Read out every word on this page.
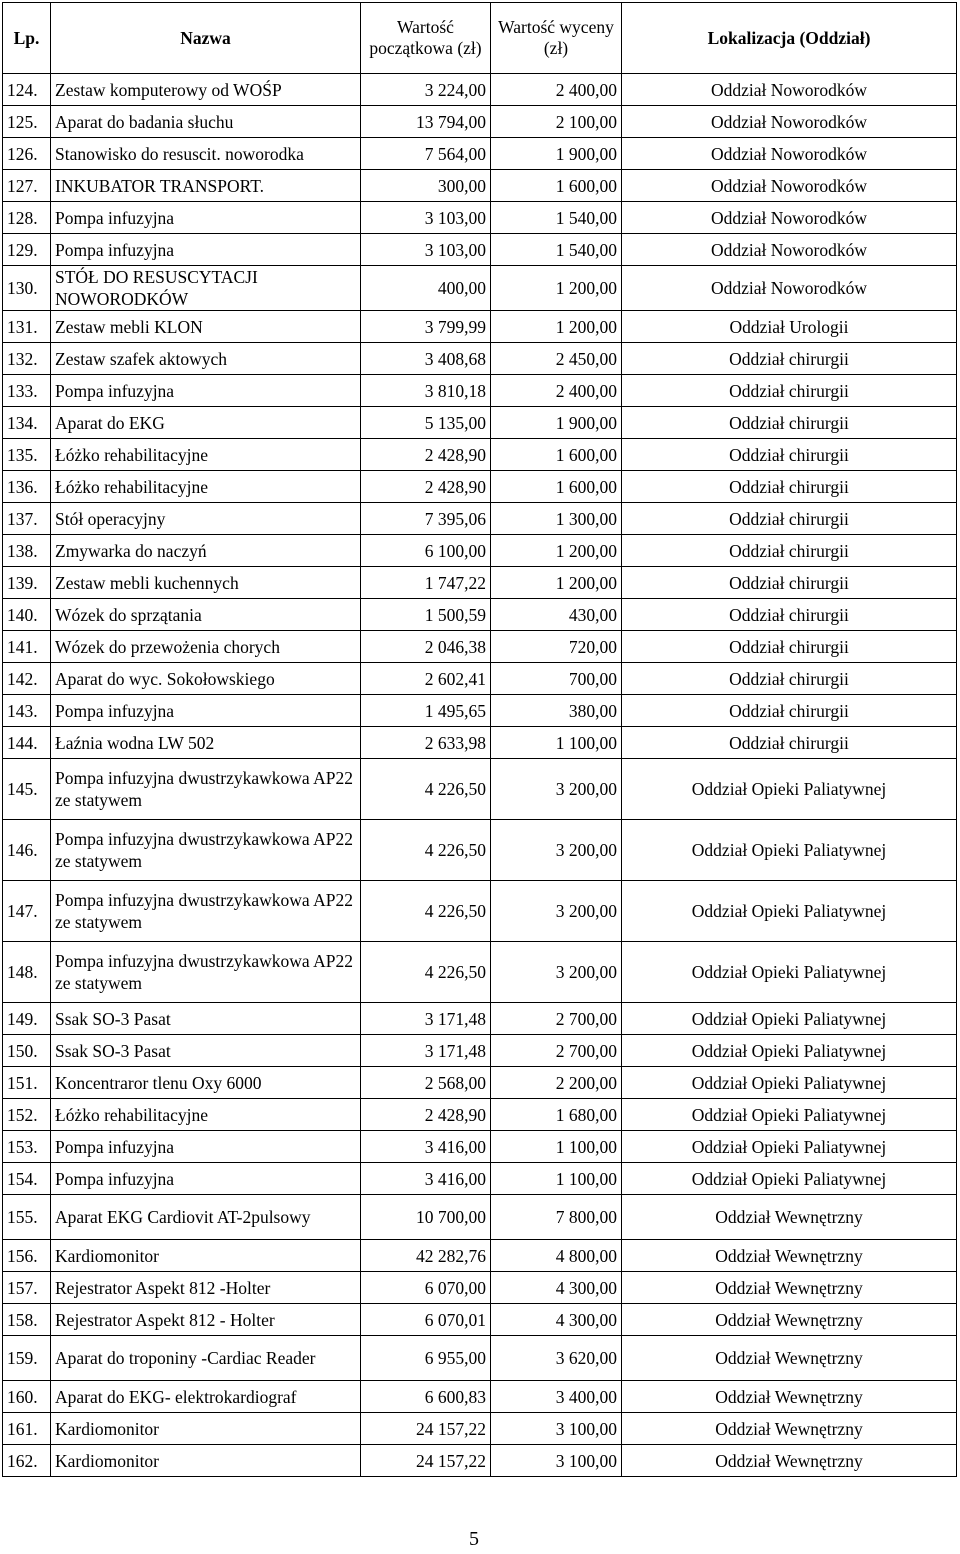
Lp.	Nazwa	Wartość początkowa (zł)	Wartość wyceny (zł)	Lokalizacja (Oddział)
124.	Zestaw komputerowy od WOŚP	3 224,00	2 400,00	Oddział Noworodków
125.	Aparat do badania słuchu	13 794,00	2 100,00	Oddział Noworodków
126.	Stanowisko do resuscit. noworodka	7 564,00	1 900,00	Oddział Noworodków
127.	INKUBATOR TRANSPORT.	300,00	1 600,00	Oddział Noworodków
128.	Pompa infuzyjna	3 103,00	1 540,00	Oddział Noworodków
129.	Pompa infuzyjna	3 103,00	1 540,00	Oddział Noworodków
130.	STÓŁ DO RESUSCYTACJI NOWORODKÓW	400,00	1 200,00	Oddział Noworodków
131.	Zestaw mebli KLON	3 799,99	1 200,00	Oddział Urologii
132.	Zestaw szafek aktowych	3 408,68	2 450,00	Oddział chirurgii
133.	Pompa infuzyjna	3 810,18	2 400,00	Oddział chirurgii
134.	Aparat do EKG	5 135,00	1 900,00	Oddział chirurgii
135.	Łóżko rehabilitacyjne	2 428,90	1 600,00	Oddział chirurgii
136.	Łóżko rehabilitacyjne	2 428,90	1 600,00	Oddział chirurgii
137.	Stół operacyjny	7 395,06	1 300,00	Oddział chirurgii
138.	Zmywarka do naczyń	6 100,00	1 200,00	Oddział chirurgii
139.	Zestaw mebli kuchennych	1 747,22	1 200,00	Oddział chirurgii
140.	Wózek do sprzątania	1 500,59	430,00	Oddział chirurgii
141.	Wózek do przewożenia chorych	2 046,38	720,00	Oddział chirurgii
142.	Aparat do wyc. Sokołowskiego	2 602,41	700,00	Oddział chirurgii
143.	Pompa infuzyjna	1 495,65	380,00	Oddział chirurgii
144.	Łaźnia wodna LW 502	2 633,98	1 100,00	Oddział chirurgii
145.	Pompa infuzyjna dwustrzykawkowa AP22 ze statywem	4 226,50	3 200,00	Oddział Opieki Paliatywnej
146.	Pompa infuzyjna dwustrzykawkowa AP22 ze statywem	4 226,50	3 200,00	Oddział Opieki Paliatywnej
147.	Pompa infuzyjna dwustrzykawkowa AP22 ze statywem	4 226,50	3 200,00	Oddział Opieki Paliatywnej
148.	Pompa infuzyjna dwustrzykawkowa AP22 ze statywem	4 226,50	3 200,00	Oddział Opieki Paliatywnej
149.	Ssak SO-3 Pasat	3 171,48	2 700,00	Oddział Opieki Paliatywnej
150.	Ssak SO-3 Pasat	3 171,48	2 700,00	Oddział Opieki Paliatywnej
151.	Koncentraror tlenu Oxy 6000	2 568,00	2 200,00	Oddział Opieki Paliatywnej
152.	Łóżko rehabilitacyjne	2 428,90	1 680,00	Oddział Opieki Paliatywnej
153.	Pompa infuzyjna	3 416,00	1 100,00	Oddział Opieki Paliatywnej
154.	Pompa infuzyjna	3 416,00	1 100,00	Oddział Opieki Paliatywnej
155.	Aparat EKG Cardiovit AT-2pulsowy	10 700,00	7 800,00	Oddział Wewnętrzny
156.	Kardiomonitor	42 282,76	4 800,00	Oddział Wewnętrzny
157.	Rejestrator Aspekt 812 -Holter	6 070,00	4 300,00	Oddział Wewnętrzny
158.	Rejestrator Aspekt 812 - Holter	6 070,01	4 300,00	Oddział Wewnętrzny
159.	Aparat do troponiny -Cardiac Reader	6 955,00	3 620,00	Oddział Wewnętrzny
160.	Aparat do EKG- elektrokardiograf	6 600,83	3 400,00	Oddział Wewnętrzny
161.	Kardiomonitor	24 157,22	3 100,00	Oddział Wewnętrzny
162.	Kardiomonitor	24 157,22	3 100,00	Oddział Wewnętrzny
5
